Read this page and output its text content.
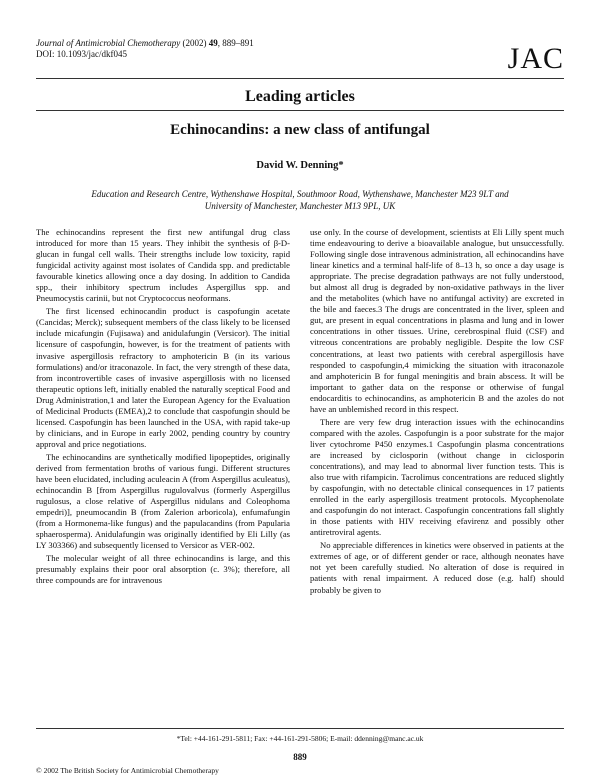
Journal of Antimicrobial Chemotherapy (2002) 49, 889–891
DOI: 10.1093/jac/dkf045	JAC
Leading articles
Echinocandins: a new class of antifungal
David W. Denning*
Education and Research Centre, Wythenshawe Hospital, Southmoor Road, Wythenshawe, Manchester M23 9LT and
University of Manchester, Manchester M13 9PL, UK

The echinocandins represent the first new antifungal drug class introduced for more than 15 years. They inhibit the synthesis of β-D-glucan in fungal cell walls. Their strengths include low toxicity, rapid fungicidal activity against most isolates of Candida spp. and predictable favourable kinetics allowing once a day dosing. In addition to Candida spp., their inhibitory spectrum includes Aspergillus spp. and Pneumocystis carinii, but not Cryptococcus neoformans.

The first licensed echinocandin product is caspofungin acetate (Cancidas; Merck); subsequent members of the class likely to be licensed include micafungin (Fujisawa) and anidulafungin (Versicor). The initial licensure of caspofungin, however, is for the treatment of patients with invasive aspergillosis refractory to amphotericin B (in its various formulations) and/or itraconazole. In fact, the very strength of these data, from incontrovertible cases of invasive aspergillosis with no licensed therapeutic options left, initially enabled the naturally sceptical Food and Drug Administration,1 and later the European Agency for the Evaluation of Medicinal Products (EMEA),2 to conclude that caspofungin should be licensed. Caspofungin has been launched in the USA, with rapid take-up by clinicians, and in Europe in early 2002, pending country by country approval and price negotiations.

The echinocandins are synthetically modified lipopeptides, originally derived from fermentation broths of various fungi. Different structures have been elucidated, including aculeacin A (from Aspergillus aculeatus), echinocandin B [from Aspergillus rugulovalvus (formerly Aspergillus rugulosus, a close relative of Aspergillus nidulans and Coleophoma empedri)], pneumocandin B (from Zalerion arboricola), enfumafungin (from a Hormonema-like fungus) and the papulacandins (from Papularia sphaerosperma). Anidulafungin was originally identified by Eli Lilly (as LY 303366) and subsequently licensed to Versicor as VER-002.

The molecular weight of all three echinocandins is large, and this presumably explains their poor oral absorption (c. 3%); therefore, all three compounds are for intravenous

use only. In the course of development, scientists at Eli Lilly spent much time endeavouring to derive a bioavailable analogue, but unsuccessfully. Following single dose intravenous administration, all echinocandins have linear kinetics and a terminal half-life of 8–13 h, so once a day usage is appropriate. The precise degradation pathways are not fully understood, but almost all drug is degraded by non-oxidative pathways in the liver and the metabolites (which have no antifungal activity) are excreted in the bile and faeces.3 The drugs are concentrated in the liver, spleen and gut, are present in equal concentrations in plasma and lung and in lower concentrations in other tissues. Urine, cerebrospinal fluid (CSF) and vitreous concentrations are probably negligible. Despite the low CSF concentrations, at least two patients with cerebral aspergillosis have responded to caspofungin,4 mimicking the situation with itraconazole and amphotericin B for fungal meningitis and brain abscess. It will be important to gather data on the response or otherwise of fungal endocarditis to echinocandins, as amphotericin B and the azoles do not have an unblemished record in this respect.

There are very few drug interaction issues with the echinocandins compared with the azoles. Caspofungin is a poor substrate for the major liver cytochrome P450 enzymes.1 Caspofungin plasma concentrations are increased by ciclosporin (without change in ciclosporin concentrations), and may lead to abnormal liver function tests. This is also true with rifampicin. Tacrolimus concentrations are reduced slightly by caspofungin, with no detectable clinical consequences in 17 patients enrolled in the early aspergillosis treatment protocols. Mycophenolate and caspofungin do not interact. Caspofungin concentrations fall slightly in those patients with HIV receiving efavirenz and possibly other antiretroviral agents.

No appreciable differences in kinetics were observed in patients at the extremes of age, or of different gender or race, although neonates have not yet been carefully studied. No alteration of dose is required in patients with renal impairment. A reduced dose (e.g. half) should probably be given to

*Tel: +44-161-291-5811; Fax: +44-161-291-5806; E-mail: ddenning@manc.ac.uk
889
© 2002 The British Society for Antimicrobial Chemotherapy
